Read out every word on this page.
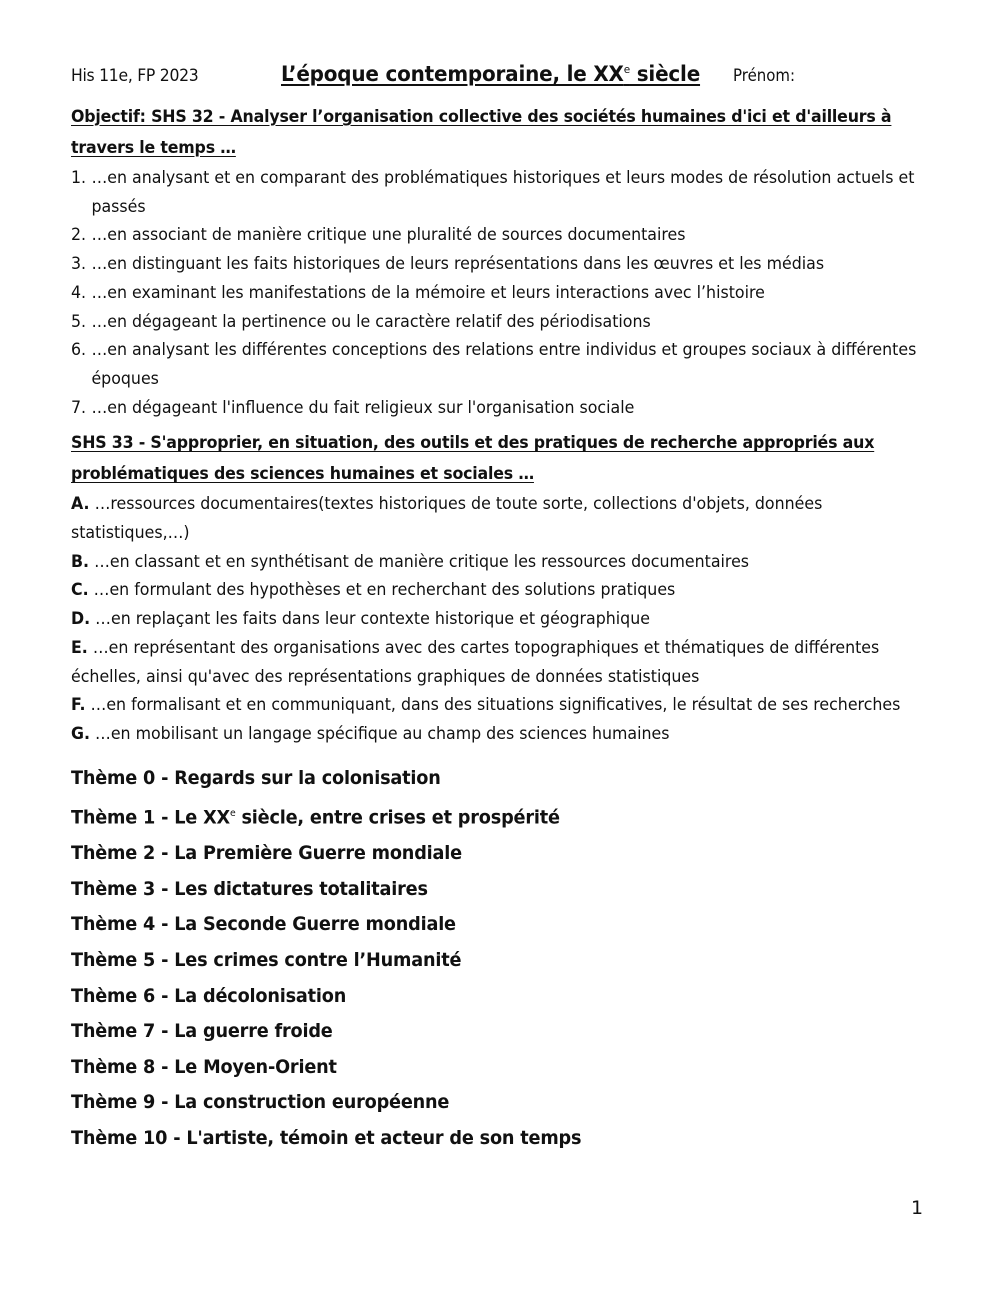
His 11e, FP 2023	L’époque contemporaine, le XXe siècle Prénom:
Objectif: SHS 32 - Analyser l’organisation collective des sociétés humaines d'ici et d'ailleurs à travers le temps …
1. …en analysant et en comparant des problématiques historiques et leurs modes de résolution actuels et passés
2. …en associant de manière critique une pluralité de sources documentaires
3. …en distinguant les faits historiques de leurs représentations dans les œuvres et les médias
4. …en examinant les manifestations de la mémoire et leurs interactions avec l’histoire
5. …en dégageant la pertinence ou le caractère relatif des périodisations
6. …en analysant les différentes conceptions des relations entre individus et groupes sociaux à différentes époques
7. …en dégageant l'influence du fait religieux sur l'organisation sociale
SHS 33 - S'approprier, en situation, des outils et des pratiques de recherche appropriés aux problématiques des sciences humaines et sociales …
A. …ressources documentaires(textes historiques de toute sorte, collections d'objets, données statistiques,…)
B. …en classant et en synthétisant de manière critique les ressources documentaires
C. …en formulant des hypothèses et en recherchant des solutions pratiques
D. …en replaçant les faits dans leur contexte historique et géographique
E. …en représentant des organisations avec des cartes topographiques et thématiques de différentes échelles, ainsi qu'avec des représentations graphiques de données statistiques
F. …en formalisant et en communiquant, dans des situations significatives, le résultat de ses recherches
G. …en mobilisant un langage spécifique au champ des sciences humaines
Thème 0 - Regards sur la colonisation
Thème 1 - Le XXe siècle, entre crises et prospérité
Thème 2 - La Première Guerre mondiale
Thème 3 - Les dictatures totalitaires
Thème 4 - La Seconde Guerre mondiale
Thème 5 - Les crimes contre l’Humanité
Thème 6 - La décolonisation
Thème 7 - La guerre froide
Thème 8 - Le Moyen-Orient
Thème 9 - La construction européenne
Thème 10 - L'artiste, témoin et acteur de son temps
1
